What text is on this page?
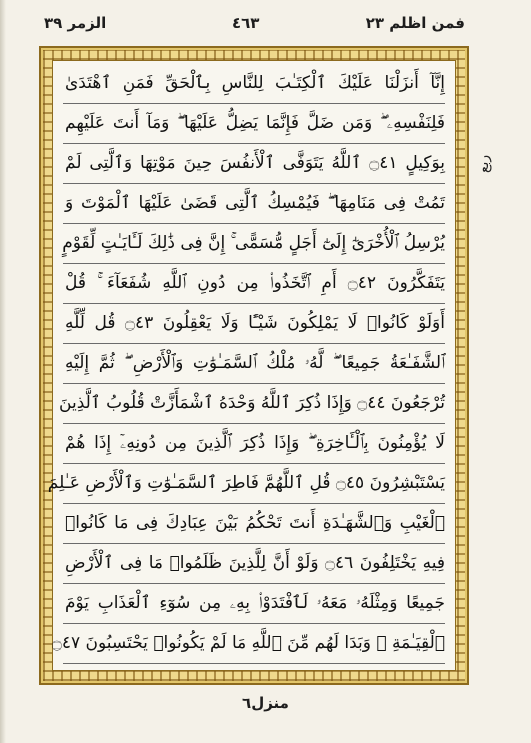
فمن اظلم ٢٣
٤٦٣
الزمر ٣٩
إِنَّآ أَنزَلْنَا عَلَيْكَ ٱلْكِتَـٰبَ لِلنَّاسِ بِٱلْحَقِّ فَمَنِ ٱهْتَدَىٰ
فَلِنَفْسِهِۦ ۖ وَمَن ضَلَّ فَإِنَّمَا يَضِلُّ عَلَيْهَا ۖ وَمَآ أَنتَ عَلَيْهِم
بِوَكِيلٍ ۝٤١ ٱللَّهُ يَتَوَفَّى ٱلْأَنفُسَ حِينَ مَوْتِهَا وَٱلَّتِى لَمْ
تَمُتْ فِى مَنَامِهَا ۖ فَيُمْسِكُ ٱلَّتِى قَضَىٰ عَلَيْهَا ٱلْمَوْتَ وَ
يُرْسِلُ ٱلْأُخْرَىٰٓ إِلَىٰٓ أَجَلٍ مُّسَمًّى ۚ إِنَّ فِى ذَٰلِكَ لَـَٔايَـٰتٍ لِّقَوْمٍ
يَتَفَكَّرُونَ ۝٤٢ أَمِ ٱتَّخَذُوا۟ مِن دُونِ ٱللَّهِ شُفَعَآءَ ۚ قُلْ
أَوَلَوْ كَانُوا۟ لَا يَمْلِكُونَ شَيْـًٔا وَلَا يَعْقِلُونَ ۝٤٣ قُل لِّلَّهِ
ٱلشَّفَـٰعَةُ جَمِيعًا ۖ لَّهُۥ مُلْكُ ٱلسَّمَـٰوَٰتِ وَٱلْأَرْضِ ۖ ثُمَّ إِلَيْهِ
تُرْجَعُونَ ۝٤٤ وَإِذَا ذُكِرَ ٱللَّهُ وَحْدَهُ ٱشْمَأَزَّتْ قُلُوبُ ٱلَّذِينَ
لَا يُؤْمِنُونَ بِٱلْـَٔاخِرَةِ ۖ وَإِذَا ذُكِرَ ٱلَّذِينَ مِن دُونِهِۦٓ إِذَا هُمْ
يَسْتَبْشِرُونَ ۝٤٥ قُلِ ٱللَّهُمَّ فَاطِرَ ٱلسَّمَـٰوَٰتِ وَٱلْأَرْضِ عَـٰلِمَ
ٱلْغَيْبِ وَٱلشَّهَـٰدَةِ أَنتَ تَحْكُمُ بَيْنَ عِبَادِكَ فِى مَا كَانُوا۟
فِيهِ يَخْتَلِفُونَ ۝٤٦ وَلَوْ أَنَّ لِلَّذِينَ ظَلَمُوا۟ مَا فِى ٱلْأَرْضِ
جَمِيعًا وَمِثْلَهُۥ مَعَهُۥ لَٱفْتَدَوْا۟ بِهِۦ مِن سُوٓءِ ٱلْعَذَابِ يَوْمَ
ٱلْقِيَـٰمَةِ ۚ وَبَدَا لَهُم مِّنَ ٱللَّهِ مَا لَمْ يَكُونُوا۟ يَحْتَسِبُونَ ۝٤٧
ربع
منزل٦
